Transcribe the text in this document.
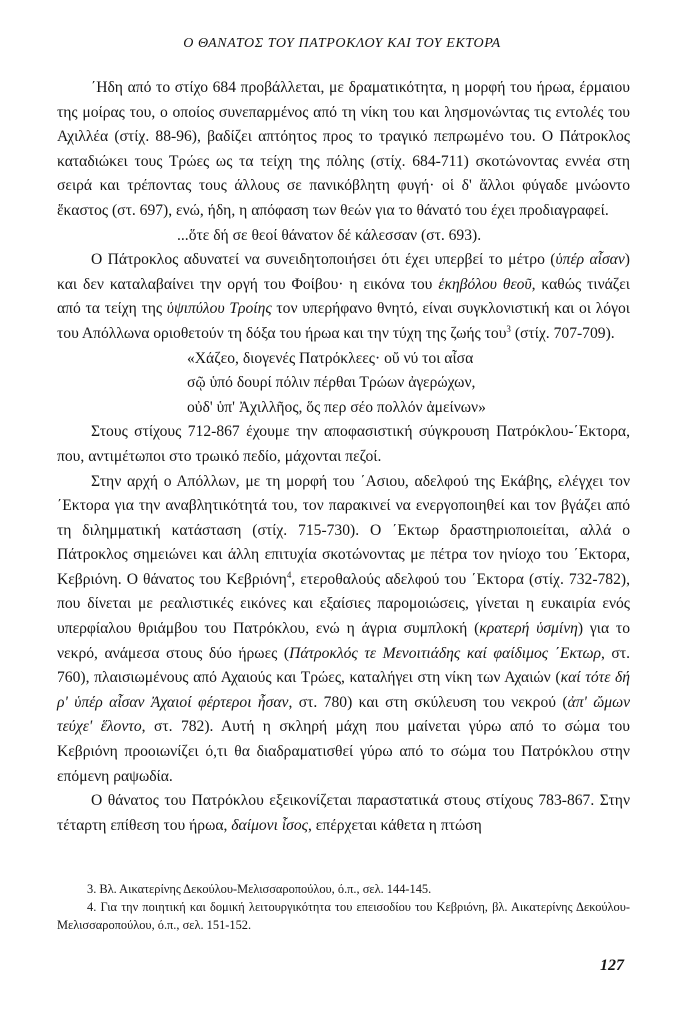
Ο ΘΑΝΑΤΟΣ ΤΟΥ ΠΑΤΡΟΚΛΟΥ ΚΑΙ ΤΟΥ ΕΚΤΟΡΑ

΄Ηδη από το στίχο 684 προβάλλεται, με δραματικότητα, η μορφή του ήρωα, έρμαιου της μοίρας του, ο οποίος συνεπαρμένος από τη νίκη του και λησμονώντας τις εντολές του Αχιλλέα (στίχ. 88-96), βαδίζει απτόητος προς το τραγικό πεπρωμένο του. Ο Πάτροκλος καταδιώκει τους Τρώες ως τα τείχη της πόλης (στίχ. 684-711) σκοτώνοντας εννέα στη σειρά και τρέποντας τους άλλους σε πανικόβλητη φυγή· οἱ δ' ἄλλοι φύγαδε μνώοντο ἕκαστος (στ. 697), ενώ, ήδη, η απόφαση των θεών για το θάνατό του έχει προδιαγραφεί.

...ὅτε δή σε θεοί θάνατον δέ κάλεσσαν (στ. 693).

Ο Πάτροκλος αδυνατεί να συνειδητοποιήσει ότι έχει υπερβεί το μέτρο (ὑπέρ αἶσαν) και δεν καταλαβαίνει την οργή του Φοίβου· η εικόνα του ἑκηβόλου θεοῦ, καθώς τινάζει από τα τείχη της ὑψιπύλου Τροίης τον υπερήφανο θνητό, είναι συγκλονιστική και οι λόγοι του Απόλλωνα οριοθετούν τη δόξα του ήρωα και την τύχη της ζωής του$^3$ (στίχ. 707-709).

«Χάζεο, διογενές Πατρόκλεες· οὔ νύ τοι αἶσα
σῷ ὑπό δουρί πόλιν πέρθαι Τρώων ἀγερώχων,
οὐδ' ὑπ' Ἀχιλλῆος, ὅς περ σέο πολλόν ἀμείνων»

Στους στίχους 712-867 έχουμε την αποφασιστική σύγκρουση Πατρόκλου-΄Εκτορα, που, αντιμέτωποι στο τρωικό πεδίο, μάχονται πεζοί.

Στην αρχή ο Απόλλων, με τη μορφή του ΄Ασιου, αδελφού της Εκάβης, ελέγχει τον ΄Εκτορα για την αναβλητικότητά του, τον παρακινεί να ενεργοποιηθεί και τον βγάζει από τη διλημματική κατάσταση (στίχ. 715-730). Ο ΄Εκτωρ δραστηριοποιείται, αλλά ο Πάτροκλος σημειώνει και άλλη επιτυχία σκοτώνοντας με πέτρα τον ηνίοχο του ΄Εκτορα, Κεβριόνη. Ο θάνατος του Κεβριόνη$^4$, ετεροθαλούς αδελφού του ΄Εκτορα (στίχ. 732-782), που δίνεται με ρεαλιστικές εικόνες και εξαίσιες παρομοιώσεις, γίνεται η ευκαιρία ενός υπερφίαλου θριάμβου του Πατρόκλου, ενώ η άγρια συμπλοκή (κρατερή ὑσμίνη) για το νεκρό, ανάμεσα στους δύο ήρωες (Πάτροκλός τε Μενοιτιάδης καί φαίδιμος ΄Εκτωρ, στ. 760), πλαισιωμένους από Αχαιούς και Τρώες, καταλήγει στη νίκη των Αχαιών (καί τότε δή ρ' ὑπέρ αἶσαν Ἀχαιοί φέρτεροι ἦσαν, στ. 780) και στη σκύλευση του νεκρού (ἀπ' ὤμων τεύχε' ἕλοντο, στ. 782). Αυτή η σκληρή μάχη που μαίνεται γύρω από το σώμα του Κεβριόνη προοιωνίζει ό,τι θα διαδραματισθεί γύρω από το σώμα του Πατρόκλου στην επόμενη ραψωδία.

Ο θάνατος του Πατρόκλου εξεικονίζεται παραστατικά στους στίχους 783-867. Στην τέταρτη επίθεση του ήρωα, δαίμονι ἶσος, επέρχεται κάθετα η πτώση

3. Βλ. Αικατερίνης Δεκούλου-Μελισσαροπούλου, ό.π., σελ. 144-145.

4. Για την ποιητική και δομική λειτουργικότητα του επεισοδίου του Κεβριόνη, βλ. Αικατερίνης Δεκούλου-Μελισσαροπούλου, ό.π., σελ. 151-152.

127
